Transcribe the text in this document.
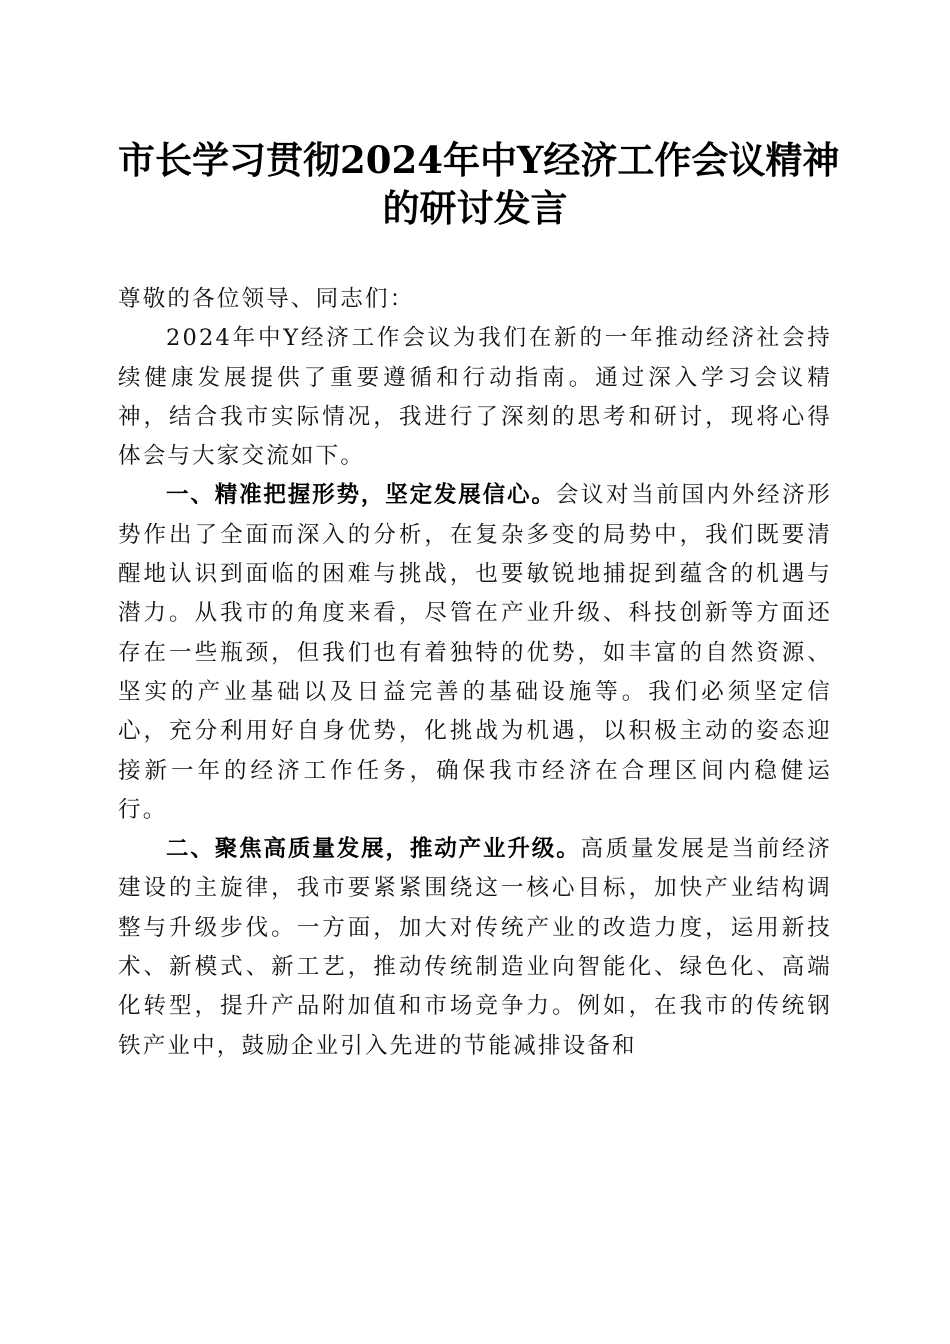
市长学习贯彻2024年中Y经济工作会议精神
的研讨发言

尊敬的各位领导、同志们：

2024年中Y经济工作会议为我们在新的一年推动经济社会持续健康发展提供了重要遵循和行动指南。通过深入学习会议精神，结合我市实际情况，我进行了深刻的思考和研讨，现将心得体会与大家交流如下。

一、精准把握形势，坚定发展信心。会议对当前国内外经济形势作出了全面而深入的分析，在复杂多变的局势中，我们既要清醒地认识到面临的困难与挑战，也要敏锐地捕捉到蕴含的机遇与潜力。从我市的角度来看，尽管在产业升级、科技创新等方面还存在一些瓶颈，但我们也有着独特的优势，如丰富的自然资源、坚实的产业基础以及日益完善的基础设施等。我们必须坚定信心，充分利用好自身优势，化挑战为机遇，以积极主动的姿态迎接新一年的经济工作任务，确保我市经济在合理区间内稳健运行。

二、聚焦高质量发展，推动产业升级。高质量发展是当前经济建设的主旋律，我市要紧紧围绕这一核心目标，加快产业结构调整与升级步伐。一方面，加大对传统产业的改造力度，运用新技术、新模式、新工艺，推动传统制造业向智能化、绿色化、高端化转型，提升产品附加值和市场竞争力。例如，在我市的传统钢铁产业中，鼓励企业引入先进的节能减排设备和
